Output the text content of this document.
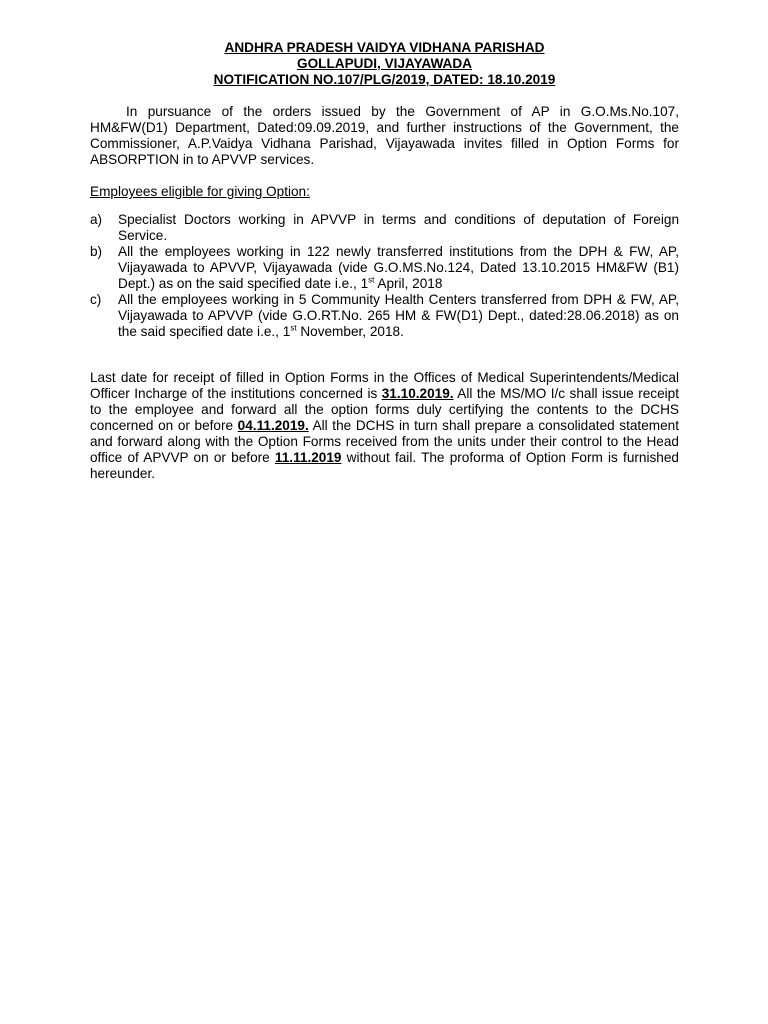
ANDHRA PRADESH VAIDYA VIDHANA PARISHAD
GOLLAPUDI, VIJAYAWADA
NOTIFICATION NO.107/PLG/2019, DATED: 18.10.2019

In pursuance of the orders issued by the Government of AP in G.O.Ms.No.107, HM&FW(D1) Department, Dated:09.09.2019, and further instructions of the Government, the Commissioner, A.P.Vaidya Vidhana Parishad, Vijayawada invites filled in Option Forms for ABSORPTION in to APVVP services.

Employees eligible for giving Option:

a) Specialist Doctors working in APVVP in terms and conditions of deputation of Foreign Service.
b) All the employees working in 122 newly transferred institutions from the DPH & FW, AP, Vijayawada to APVVP, Vijayawada (vide G.O.MS.No.124, Dated 13.10.2015 HM&FW (B1) Dept.) as on the said specified date i.e., 1st April, 2018
c) All the employees working in 5 Community Health Centers transferred from DPH & FW, AP, Vijayawada to APVVP (vide G.O.RT.No. 265 HM & FW(D1) Dept., dated:28.06.2018) as on the said specified date i.e., 1st November, 2018.

Last date for receipt of filled in Option Forms in the Offices of Medical Superintendents/Medical Officer Incharge of the institutions concerned is 31.10.2019. All the MS/MO I/c shall issue receipt to the employee and forward all the option forms duly certifying the contents to the DCHS concerned on or before 04.11.2019. All the DCHS in turn shall prepare a consolidated statement and forward along with the Option Forms received from the units under their control to the Head office of APVVP on or before 11.11.2019 without fail. The proforma of Option Form is furnished hereunder.
